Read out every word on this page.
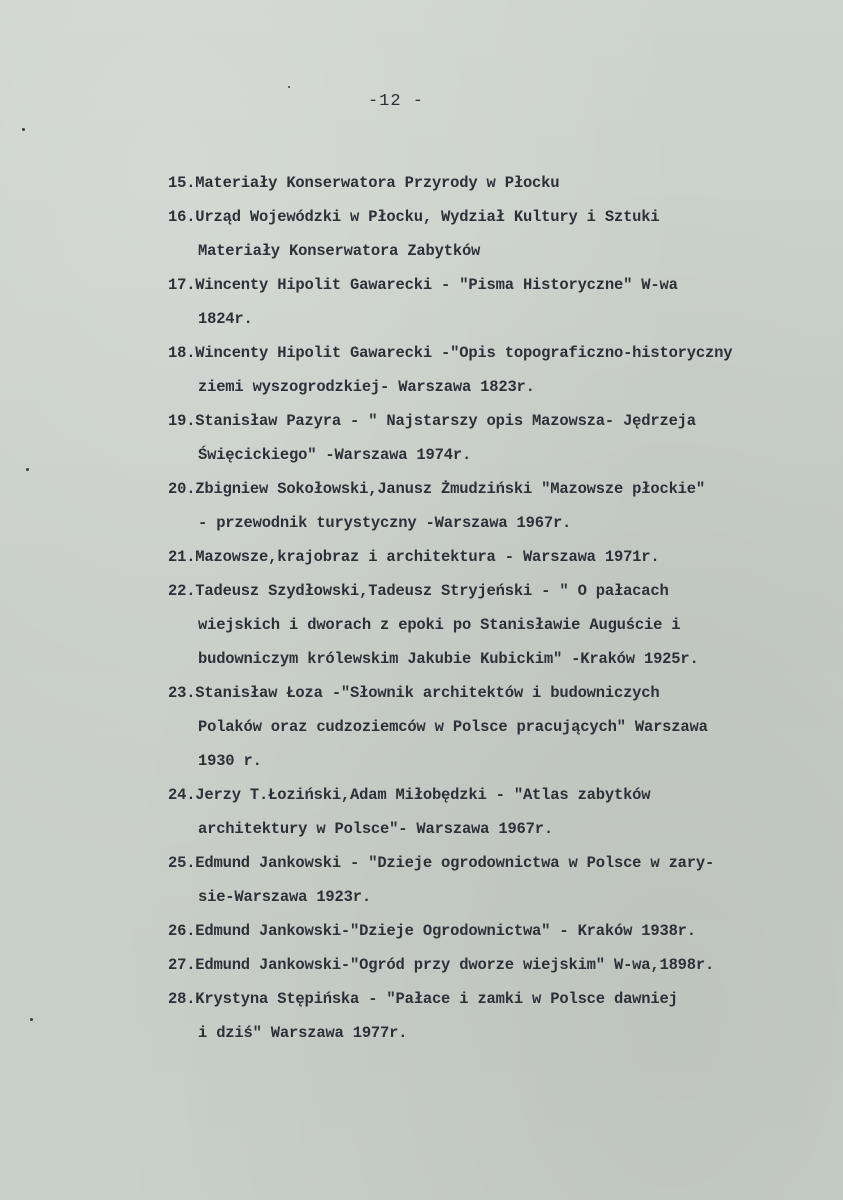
-12 -
15.Materiały Konserwatora Przyrody w Płocku
16.Urząd Wojewódzki w Płocku, Wydział Kultury i Sztuki
Materiały Konserwatora Zabytków
17.Wincenty Hipolit Gawarecki - "Pisma Historyczne" W-wa
1824r.
18.Wincenty Hipolit Gawarecki -"Opis topograficzno-historyczny
ziemi wyszogrodzkiej- Warszawa 1823r.
19.Stanisław Pazyra - " Najstarszy opis Mazowsza- Jędrzeja
Święcickiego" -Warszawa 1974r.
20.Zbigniew Sokołowski,Janusz Żmudziński "Mazowsze płockie"
- przewodnik turystyczny -Warszawa 1967r.
21.Mazowsze,krajobraz i architektura - Warszawa 1971r.
22.Tadeusz Szydłowski,Tadeusz Stryjeński - " O pałacach
wiejskich i dworach z epoki po Stanisławie Auguście i
budowniczym królewskim Jakubie Kubickim" -Kraków 1925r.
23.Stanisław Łoza -"Słownik architektów i budowniczych
Polaków oraz cudzoziemców w Polsce pracujących" Warszawa
1930 r.
24.Jerzy T.Łoziński,Adam Miłobędzki - "Atlas zabytków
architektury w Polsce"- Warszawa 1967r.
25.Edmund Jankowski - "Dzieje ogrodownictwa w Polsce w zary-
sie-Warszawa 1923r.
26.Edmund Jankowski-"Dzieje Ogrodownictwa" - Kraków 1938r.
27.Edmund Jankowski-"Ogród przy dworze wiejskim" W-wa,1898r.
28.Krystyna Stępińska - "Pałace i zamki w Polsce dawniej
i dziś" Warszawa 1977r.
